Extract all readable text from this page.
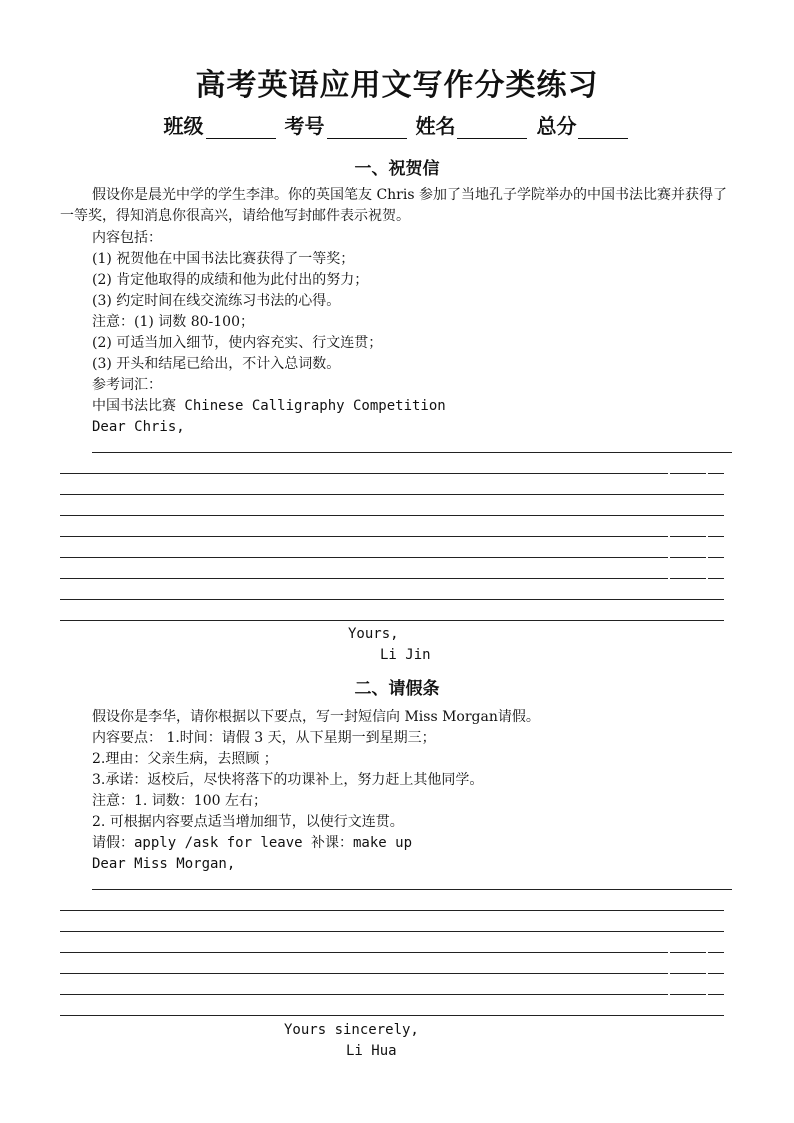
高考英语应用文写作分类练习
班级	考号	姓名	总分
一、祝贺信
假设你是晨光中学的学生李津。你的英国笔友 Chris 参加了当地孔子学院举办的中国书法比赛并获得了一等奖，得知消息你很高兴，请给他写封邮件表示祝贺。
内容包括：
(1) 祝贺他在中国书法比赛获得了一等奖；
(2) 肯定他取得的成绩和他为此付出的努力；
(3) 约定时间在线交流练习书法的心得。
注意：(1) 词数 80-100；
(2) 可适当加入细节，使内容充实、行文连贯；
(3) 开头和结尾已给出，不计入总词数。
参考词汇：
中国书法比赛 Chinese Calligraphy Competition
Dear Chris,
Yours,
Li Jin
二、请假条
假设你是李华，请你根据以下要点，写一封短信向 Miss Morgan请假。
内容要点： 1.时间：请假 3 天，从下星期一到星期三；
2.理由：父亲生病，去照顾 ；
3.承诺：返校后，尽快将落下的功课补上，努力赶上其他同学。
注意：1. 词数：100 左右；
2. 可根据内容要点适当增加细节，以使行文连贯。
请假：apply /ask for leave 补课：make up
Dear Miss Morgan,
Yours sincerely,
Li Hua
